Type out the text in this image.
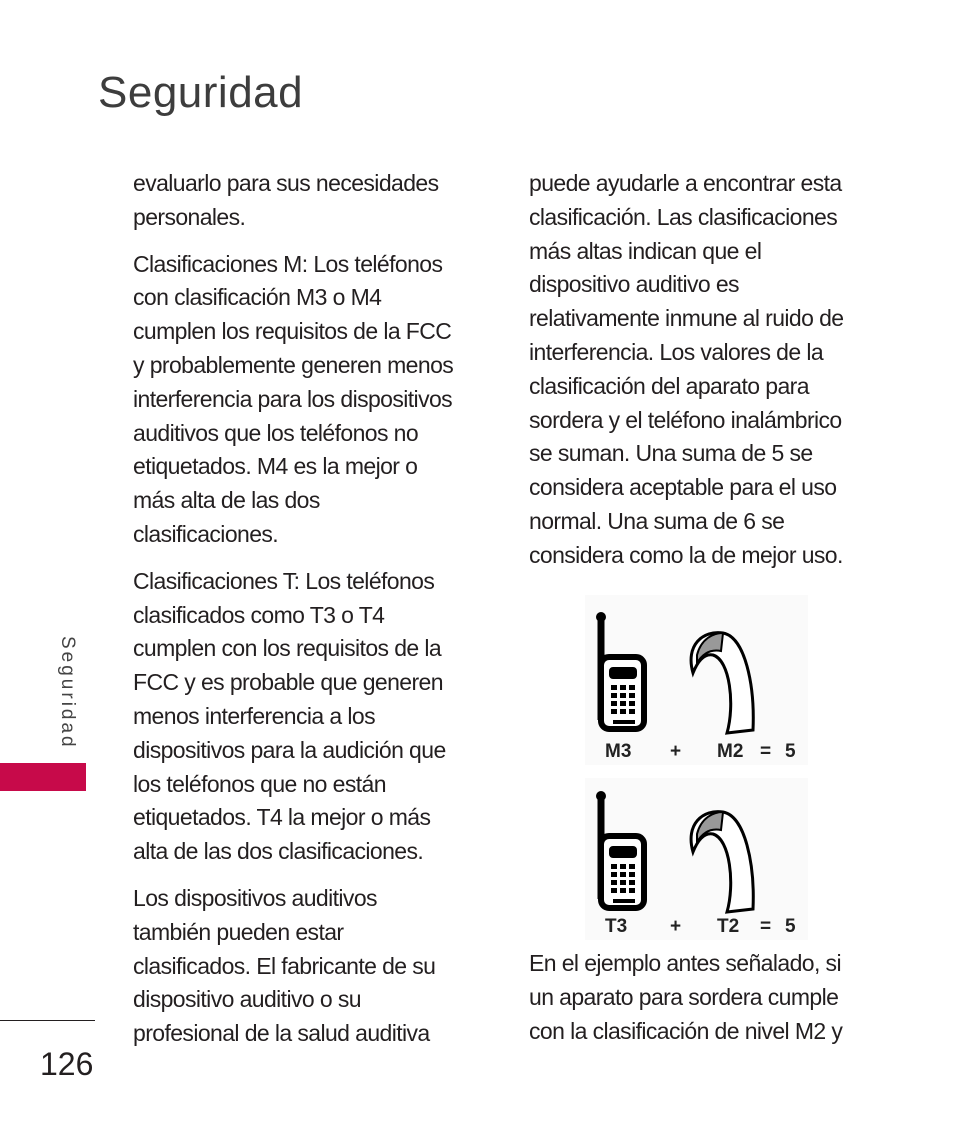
Seguridad

evaluarlo para sus necesidades
personales.

Clasificaciones M: Los teléfonos
con clasificación M3 o M4
cumplen los requisitos de la FCC
y probablemente generen menos
interferencia para los dispositivos
auditivos que los teléfonos no
etiquetados. M4 es la mejor o
más alta de las dos
clasificaciones.

Clasificaciones T: Los teléfonos
clasificados como T3 o T4
cumplen con los requisitos de la
FCC y es probable que generen
menos interferencia a los
dispositivos para la audición que
los teléfonos que no están
etiquetados. T4 la mejor o más
alta de las dos clasificaciones.

Los dispositivos auditivos
también pueden estar
clasificados. El fabricante de su
dispositivo auditivo o su
profesional de la salud auditiva

puede ayudarle a encontrar esta
clasificación. Las clasificaciones
más altas indican que el
dispositivo auditivo es
relativamente inmune al ruido de
interferencia. Los valores de la
clasificación del aparato para
sordera y el teléfono inalámbrico
se suman. Una suma de 5 se
considera aceptable para el uso
normal. Una suma de 6 se
considera como la de mejor uso.

En el ejemplo antes señalado, si
un aparato para sordera cumple
con la clasificación de nivel M2 y

M3 + M2 = 5
T3 + T2 = 5
Seguridad
126
